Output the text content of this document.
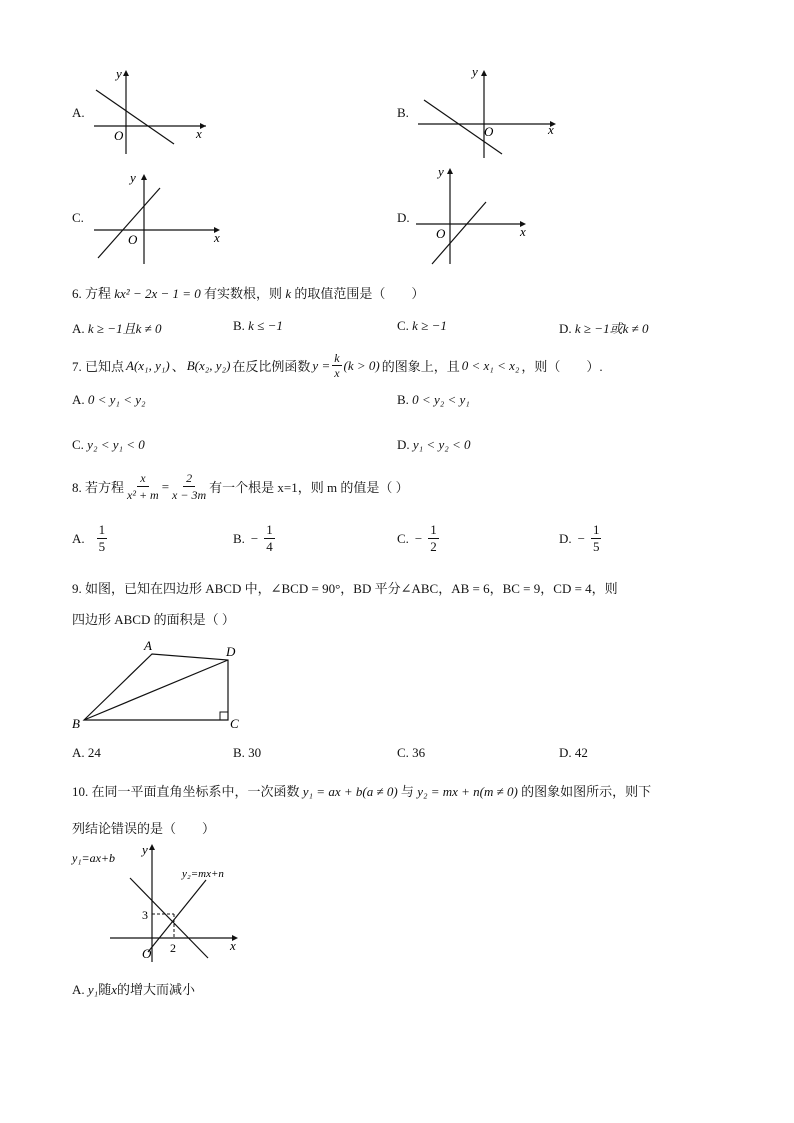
A.
y
x
O
B.
y
x
O
C.
y
x
O
D.
y
x
O
6. 方程 kx² − 2x − 1 = 0 有实数根，则 k 的取值范围是（　　）
A. k ≥ −1且k ≠ 0	B. k ≤ −1	C. k ≥ −1	D. k ≥ −1或k ≠ 0
7. 已知点 A(x₁, y₁) 、 B(x₂, y₂) 在反比例函数 $y = \frac{k}{x} (k > 0)$ 的图象上，且 0 < x₁ < x₂ ，则（　　）.
A. 0 < y₁ < y₂	B. 0 < y₂ < y₁
C. y₂ < y₁ < 0	D. y₁ < y₂ < 0
8. 若方程 $\frac{x}{\text{x² + m}} = \frac{2}{x - 3m}$ 有一个根是 x=1，则 m 的值是（ ）
A. $\frac{1}{5}$	B. − $\frac{1}{4}$	C. − $\frac{1}{2}$	D. − $\frac{1}{5}$
9. 如图，已知在四边形 ABCD 中，∠BCD = 90°，BD 平分∠ABC，AB = 6，BC = 9，CD = 4，则
四边形 ABCD 的面积是（ ）
A
B	C
D
A. 24	B. 30	C. 36	D. 42
10. 在同一平面直角坐标系中，一次函数 y₁ = ax + b(a ≠ 0) 与 y₂ = mx + n(m ≠ 0) 的图象如图所示，则下
列结论错误的是（　　）
y₁=ax+b
y₂=mx+n
3
2
y
x
O
A. y₁随x的增大而减小
